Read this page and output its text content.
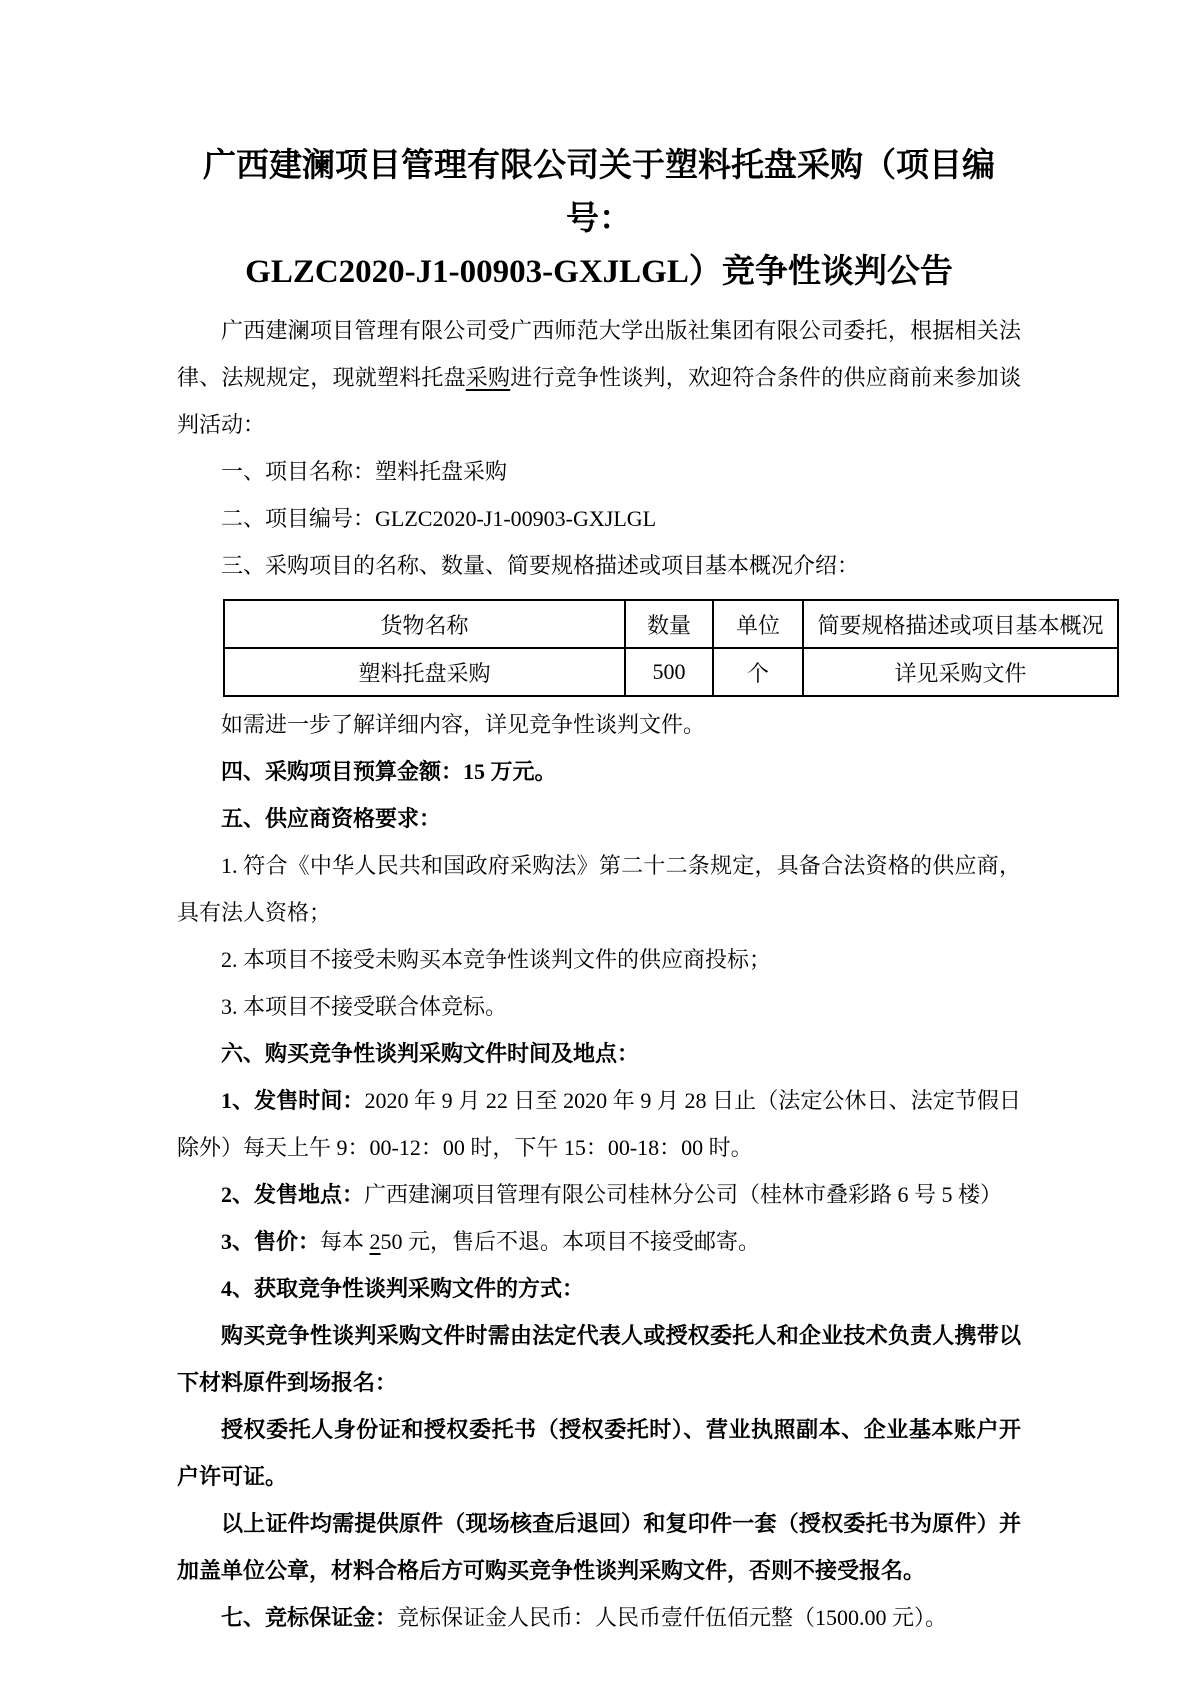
广西建澜项目管理有限公司关于塑料托盘采购（项目编号：
GLZC2020-J1-00903-GXJLGL）竞争性谈判公告

广西建澜项目管理有限公司受广西师范大学出版社集团有限公司委托，根据相关法律、法规规定，现就塑料托盘采购进行竞争性谈判，欢迎符合条件的供应商前来参加谈判活动：

一、项目名称：塑料托盘采购

二、项目编号：GLZC2020-J1-00903-GXJLGL

三、采购项目的名称、数量、简要规格描述或项目基本概况介绍：

货物名称	数量	单位	简要规格描述或项目基本概况
塑料托盘采购	500	个	详见采购文件

如需进一步了解详细内容，详见竞争性谈判文件。

四、采购项目预算金额：15 万元。

五、供应商资格要求：

1. 符合《中华人民共和国政府采购法》第二十二条规定，具备合法资格的供应商，具有法人资格；

2. 本项目不接受未购买本竞争性谈判文件的供应商投标；

3. 本项目不接受联合体竞标。

六、购买竞争性谈判采购文件时间及地点：

1、发售时间：2020 年 9 月 22 日至 2020 年 9 月 28 日止（法定公休日、法定节假日除外）每天上午 9：00-12：00 时，下午 15：00-18：00 时。

2、发售地点：广西建澜项目管理有限公司桂林分公司（桂林市叠彩路 6 号 5 楼）

3、售价：每本 250 元，售后不退。本项目不接受邮寄。

4、获取竞争性谈判采购文件的方式：

购买竞争性谈判采购文件时需由法定代表人或授权委托人和企业技术负责人携带以下材料原件到场报名：

授权委托人身份证和授权委托书（授权委托时）、营业执照副本、企业基本账户开户许可证。

以上证件均需提供原件（现场核查后退回）和复印件一套（授权委托书为原件）并加盖单位公章，材料合格后方可购买竞争性谈判采购文件，否则不接受报名。

七、竞标保证金：竞标保证金人民币：人民币壹仟伍佰元整（1500.00 元）。
